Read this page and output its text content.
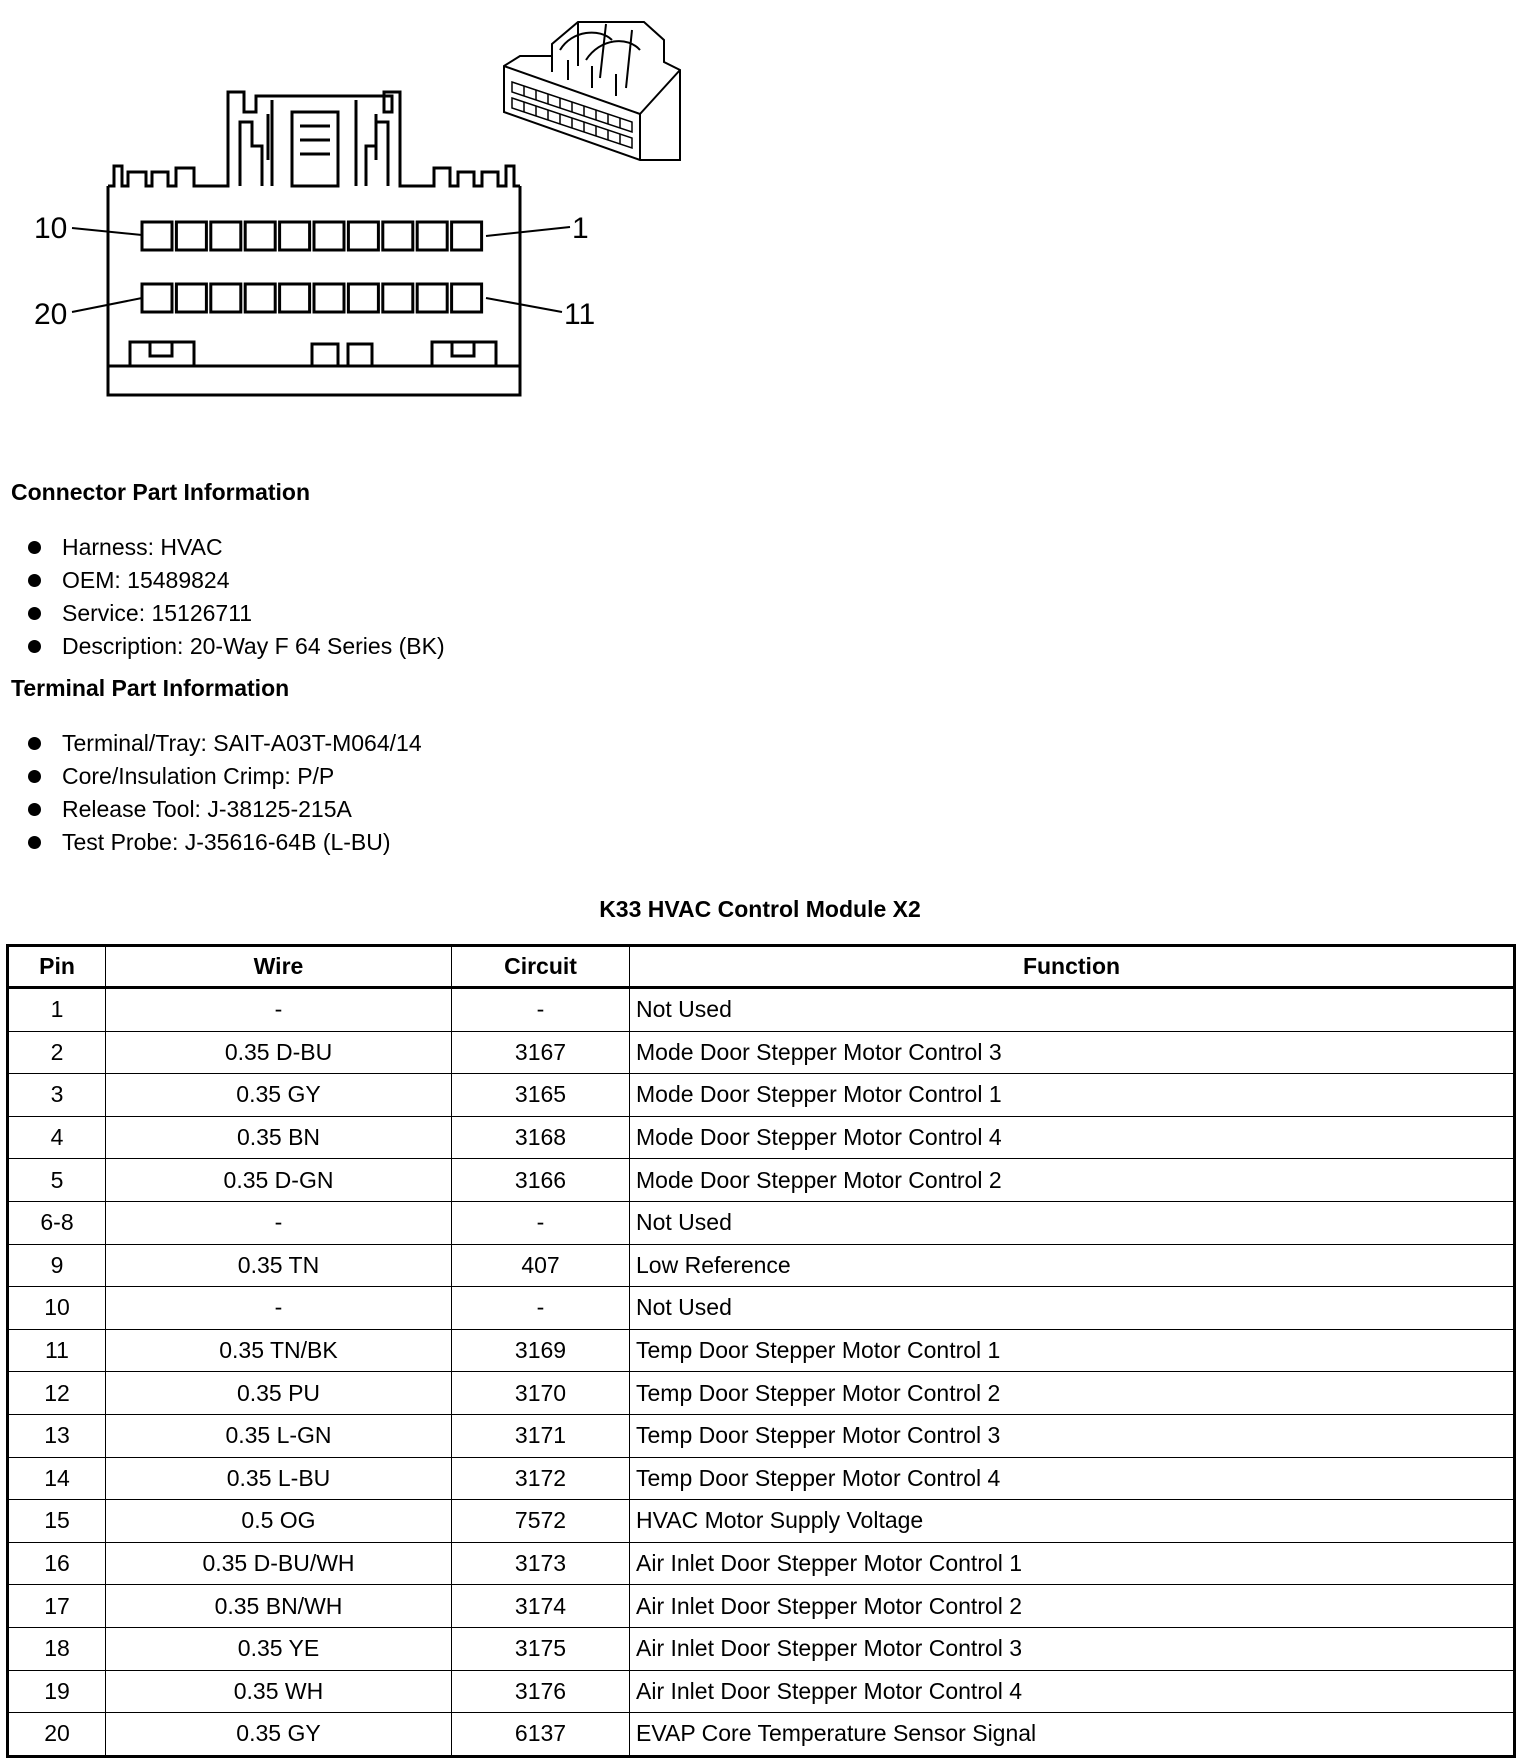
10	1
20	11
Connector Part Information
Harness: HVAC
OEM: 15489824
Service: 15126711
Description: 20-Way F 64 Series (BK)
Terminal Part Information
Terminal/Tray: SAIT-A03T-M064/14
Core/Insulation Crimp: P/P
Release Tool: J-38125-215A
Test Probe: J-35616-64B (L-BU)
K33 HVAC Control Module X2
Pin	Wire	Circuit	Function
1	-	-	Not Used
2	0.35 D-BU	3167	Mode Door Stepper Motor Control 3
3	0.35 GY	3165	Mode Door Stepper Motor Control 1
4	0.35 BN	3168	Mode Door Stepper Motor Control 4
5	0.35 D-GN	3166	Mode Door Stepper Motor Control 2
6-8	-	-	Not Used
9	0.35 TN	407	Low Reference
10	-	-	Not Used
11	0.35 TN/BK	3169	Temp Door Stepper Motor Control 1
12	0.35 PU	3170	Temp Door Stepper Motor Control 2
13	0.35 L-GN	3171	Temp Door Stepper Motor Control 3
14	0.35 L-BU	3172	Temp Door Stepper Motor Control 4
15	0.5 OG	7572	HVAC Motor Supply Voltage
16	0.35 D-BU/WH	3173	Air Inlet Door Stepper Motor Control 1
17	0.35 BN/WH	3174	Air Inlet Door Stepper Motor Control 2
18	0.35 YE	3175	Air Inlet Door Stepper Motor Control 3
19	0.35 WH	3176	Air Inlet Door Stepper Motor Control 4
20	0.35 GY	6137	EVAP Core Temperature Sensor Signal
